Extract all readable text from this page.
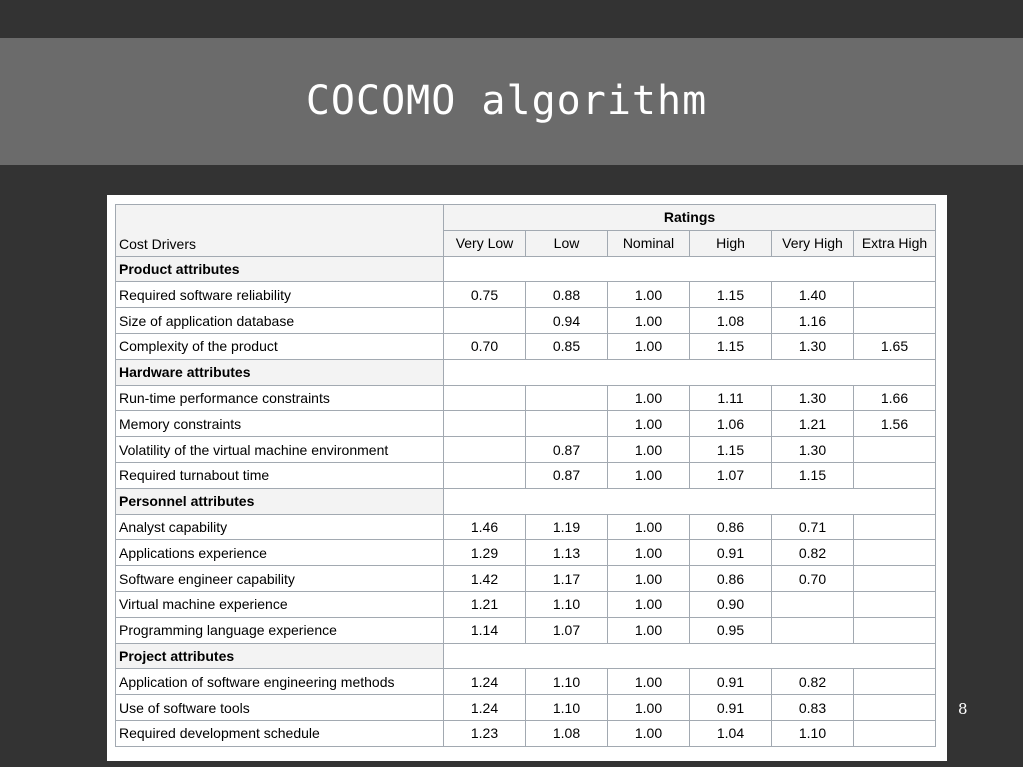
COCOMO algorithm
Cost Drivers	Ratings					
	Very Low	Low	Nominal	High	Very High	Extra High
Product attributes						
Required software reliability	0.75	0.88	1.00	1.15	1.40	
Size of application database		0.94	1.00	1.08	1.16	
Complexity of the product	0.70	0.85	1.00	1.15	1.30	1.65
Hardware attributes						
Run-time performance constraints			1.00	1.11	1.30	1.66
Memory constraints			1.00	1.06	1.21	1.56
Volatility of the virtual machine environment		0.87	1.00	1.15	1.30	
Required turnabout time		0.87	1.00	1.07	1.15	
Personnel attributes						
Analyst capability	1.46	1.19	1.00	0.86	0.71	
Applications experience	1.29	1.13	1.00	0.91	0.82	
Software engineer capability	1.42	1.17	1.00	0.86	0.70	
Virtual machine experience	1.21	1.10	1.00	0.90		
Programming language experience	1.14	1.07	1.00	0.95		
Project attributes						
Application of software engineering methods	1.24	1.10	1.00	0.91	0.82	
Use of software tools	1.24	1.10	1.00	0.91	0.83	
Required development schedule	1.23	1.08	1.00	1.04	1.10	
8
